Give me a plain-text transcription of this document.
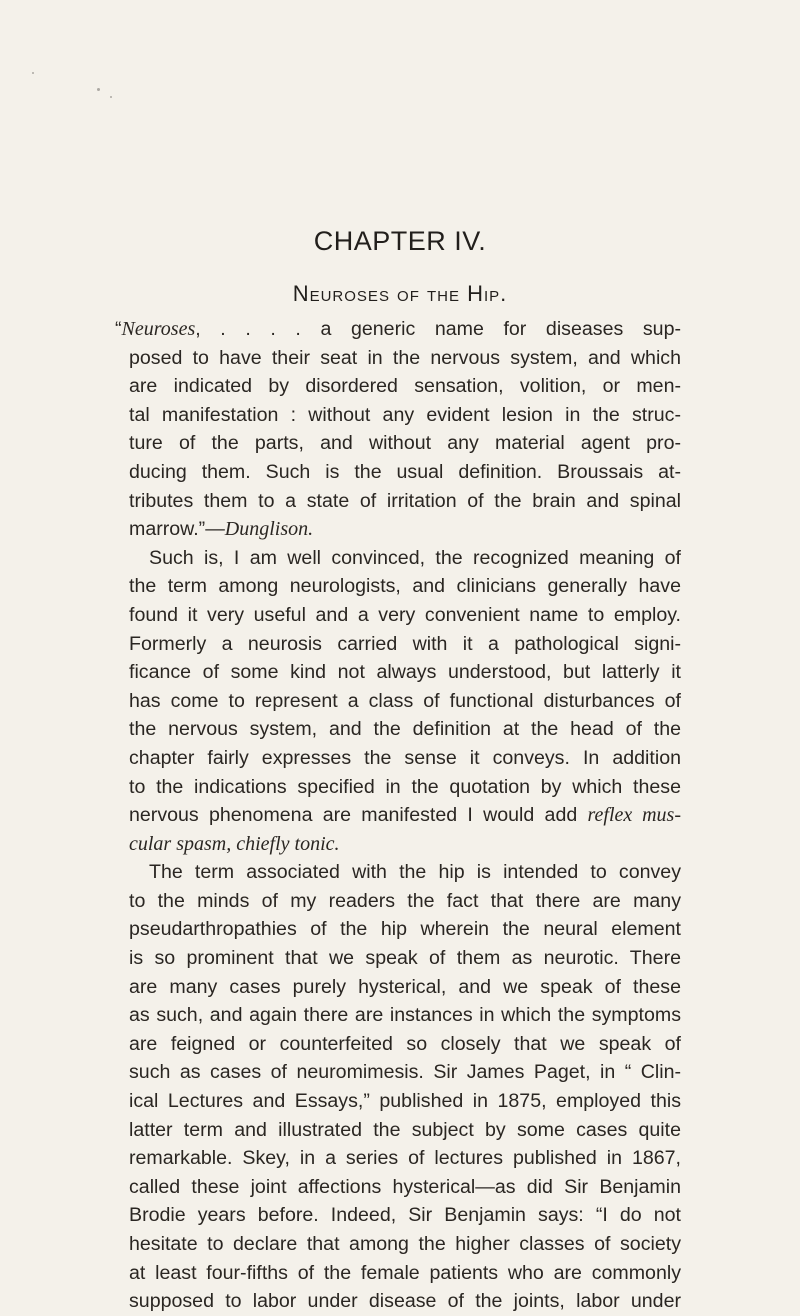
CHAPTER IV.
Neuroses of the Hip.
“Neuroses, . . . . a generic name for diseases sup-
posed to have their seat in the nervous system, and which
are indicated by disordered sensation, volition, or men-
tal manifestation : without any evident lesion in the struc-
ture of the parts, and without any material agent pro-
ducing them. Such is the usual definition. Broussais at-
tributes them to a state of irritation of the brain and spinal
marrow.”—Dunglison.
Such is, I am well convinced, the recognized meaning of
the term among neurologists, and clinicians generally have
found it very useful and a very convenient name to employ.
Formerly a neurosis carried with it a pathological signi-
ficance of some kind not always understood, but latterly it
has come to represent a class of functional disturbances of
the nervous system, and the definition at the head of the
chapter fairly expresses the sense it conveys. In addition
to the indications specified in the quotation by which these
nervous phenomena are manifested I would add reflex mus-
cular spasm, chiefly tonic.
The term associated with the hip is intended to convey
to the minds of my readers the fact that there are many
pseudarthropathies of the hip wherein the neural element
is so prominent that we speak of them as neurotic. There
are many cases purely hysterical, and we speak of these
as such, and again there are instances in which the symptoms
are feigned or counterfeited so closely that we speak of
such as cases of neuromimesis. Sir James Paget, in “ Clin-
ical Lectures and Essays,” published in 1875, employed this
latter term and illustrated the subject by some cases quite
remarkable. Skey, in a series of lectures published in 1867,
called these joint affections hysterical—as did Sir Benjamin
Brodie years before. Indeed, Sir Benjamin says: “I do not
hesitate to declare that among the higher classes of society
at least four-fifths of the female patients who are commonly
supposed to labor under disease of the joints, labor under
